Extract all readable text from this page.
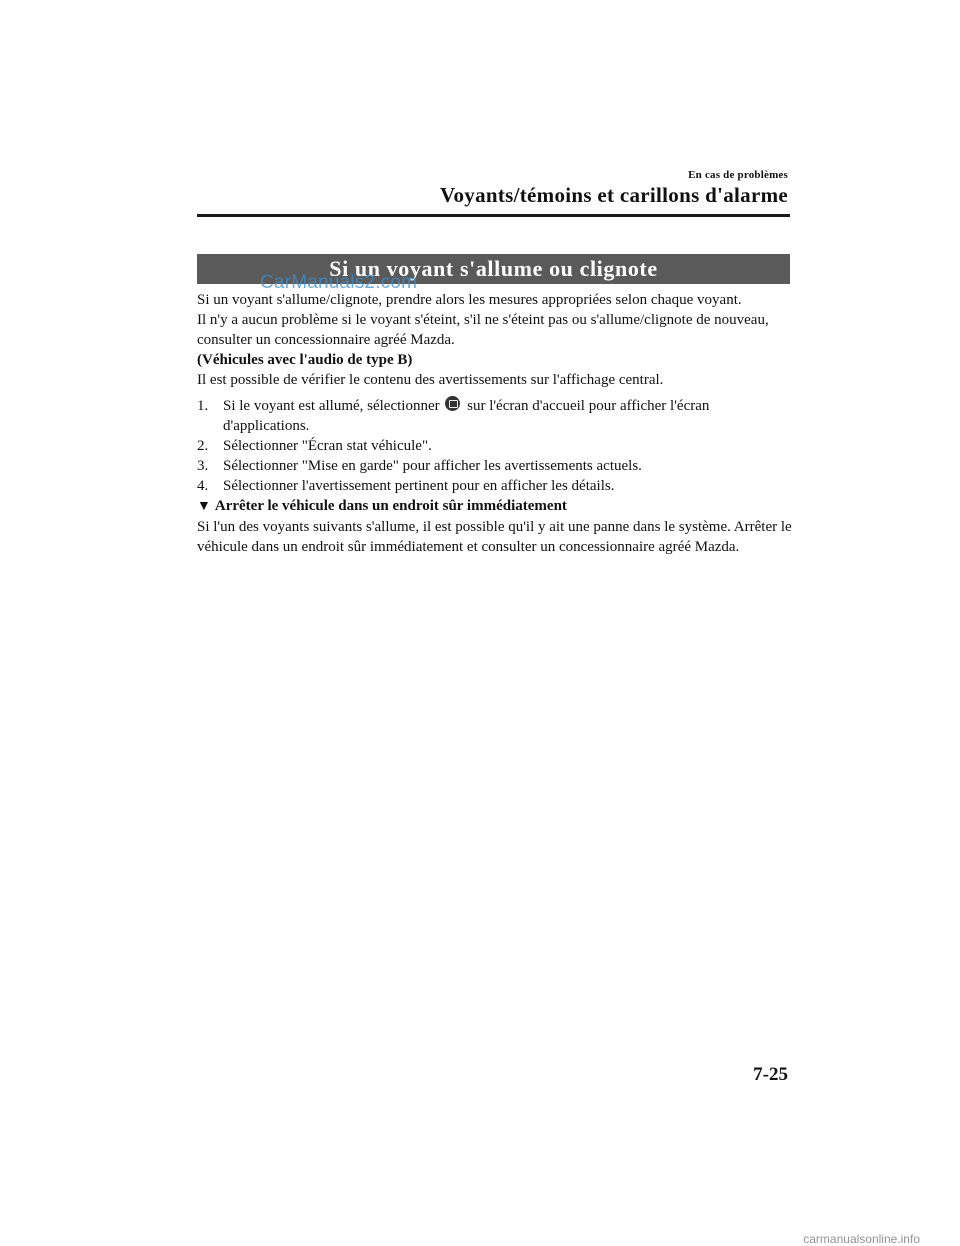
En cas de problèmes
Voyants/témoins et carillons d'alarme
Si un voyant s'allume ou clignote
CarManuals2.com

Si un voyant s'allume/clignote, prendre alors les mesures appropriées selon chaque voyant.

Il n'y a aucun problème si le voyant s'éteint, s'il ne s'éteint pas ou s'allume/clignote de nouveau, consulter un concessionnaire agréé Mazda.

(Véhicules avec l'audio de type B)

Il est possible de vérifier le contenu des avertissements sur l'affichage central.

1. Si le voyant est allumé, sélectionner sur l'écran d'accueil pour afficher l'écran d'applications.
2. Sélectionner "Écran stat véhicule".
3. Sélectionner "Mise en garde" pour afficher les avertissements actuels.
4. Sélectionner l'avertissement pertinent pour en afficher les détails.

▼ Arrêter le véhicule dans un endroit sûr immédiatement

Si l'un des voyants suivants s'allume, il est possible qu'il y ait une panne dans le système. Arrêter le véhicule dans un endroit sûr immédiatement et consulter un concessionnaire agréé Mazda.

7-25
carmanualsonline.info
